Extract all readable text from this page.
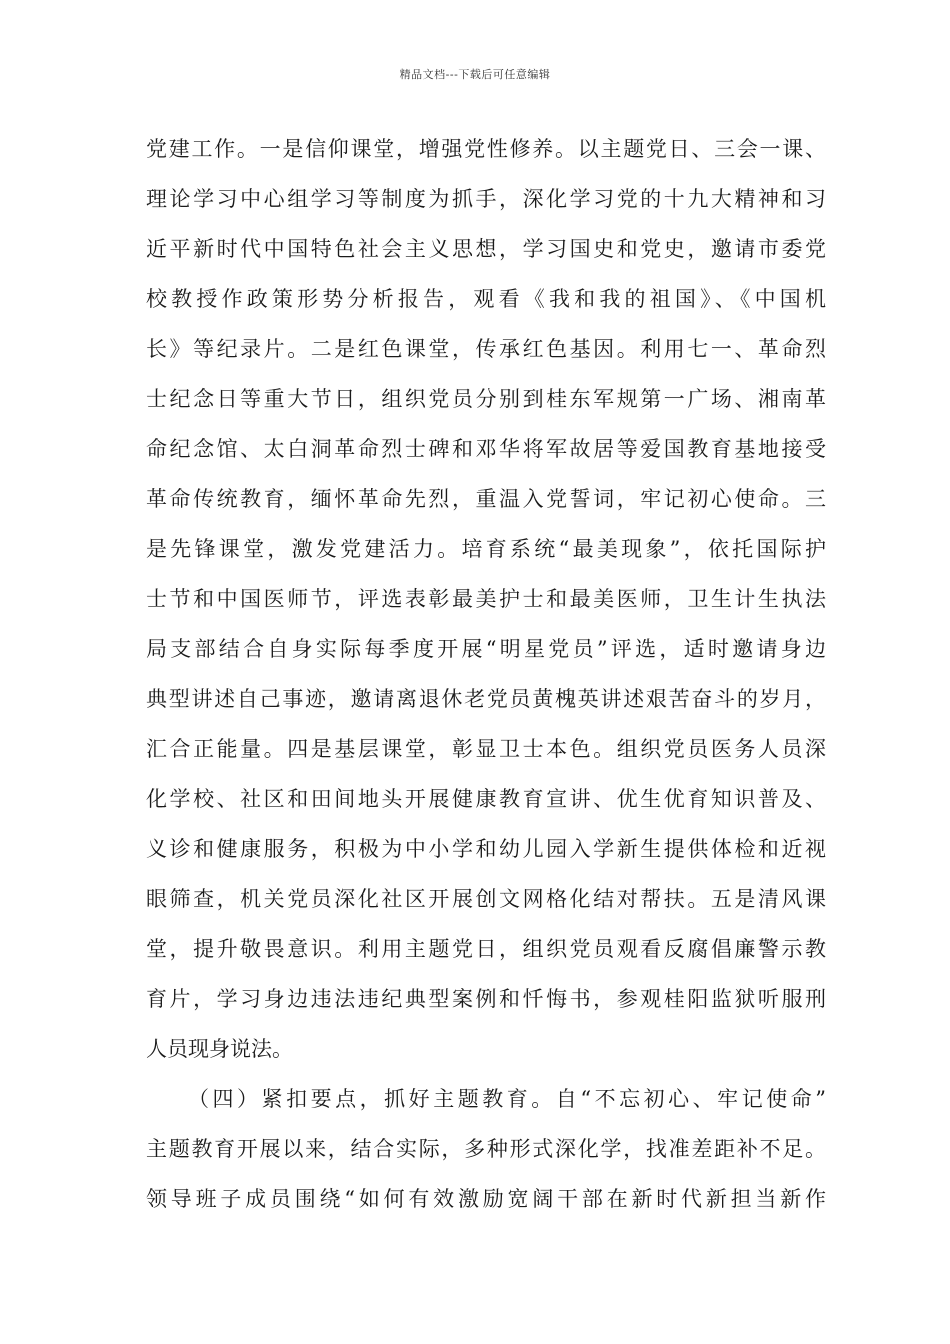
精品文档---下载后可任意编辑
党建工作。一是信仰课堂，增强党性修养。以主题党日、三会一课、
理论学习中心组学习等制度为抓手，深化学习党的十九大精神和习
近平新时代中国特色社会主义思想，学习国史和党史，邀请市委党
校教授作政策形势分析报告，观看《我和我的祖国》、《中国机
长》等纪录片。二是红色课堂，传承红色基因。利用七一、革命烈
士纪念日等重大节日，组织党员分别到桂东军规第一广场、湘南革
命纪念馆、太白洞革命烈士碑和邓华将军故居等爱国教育基地接受
革命传统教育，缅怀革命先烈，重温入党誓词，牢记初心使命。三
是先锋课堂，激发党建活力。培育系统“最美现象”，依托国际护
士节和中国医师节，评选表彰最美护士和最美医师，卫生计生执法
局支部结合自身实际每季度开展“明星党员”评选，适时邀请身边
典型讲述自己事迹，邀请离退休老党员黄槐英讲述艰苦奋斗的岁月，
汇合正能量。四是基层课堂，彰显卫士本色。组织党员医务人员深
化学校、社区和田间地头开展健康教育宣讲、优生优育知识普及、
义诊和健康服务，积极为中小学和幼儿园入学新生提供体检和近视
眼筛查，机关党员深化社区开展创文网格化结对帮扶。五是清风课
堂，提升敬畏意识。利用主题党日，组织党员观看反腐倡廉警示教
育片，学习身边违法违纪典型案例和忏悔书，参观桂阳监狱听服刑
人员现身说法。
（四）紧扣要点，抓好主题教育。自“不忘初心、牢记使命”
主题教育开展以来，结合实际，多种形式深化学，找准差距补不足。
领导班子成员围绕“如何有效激励宽阔干部在新时代新担当新作
